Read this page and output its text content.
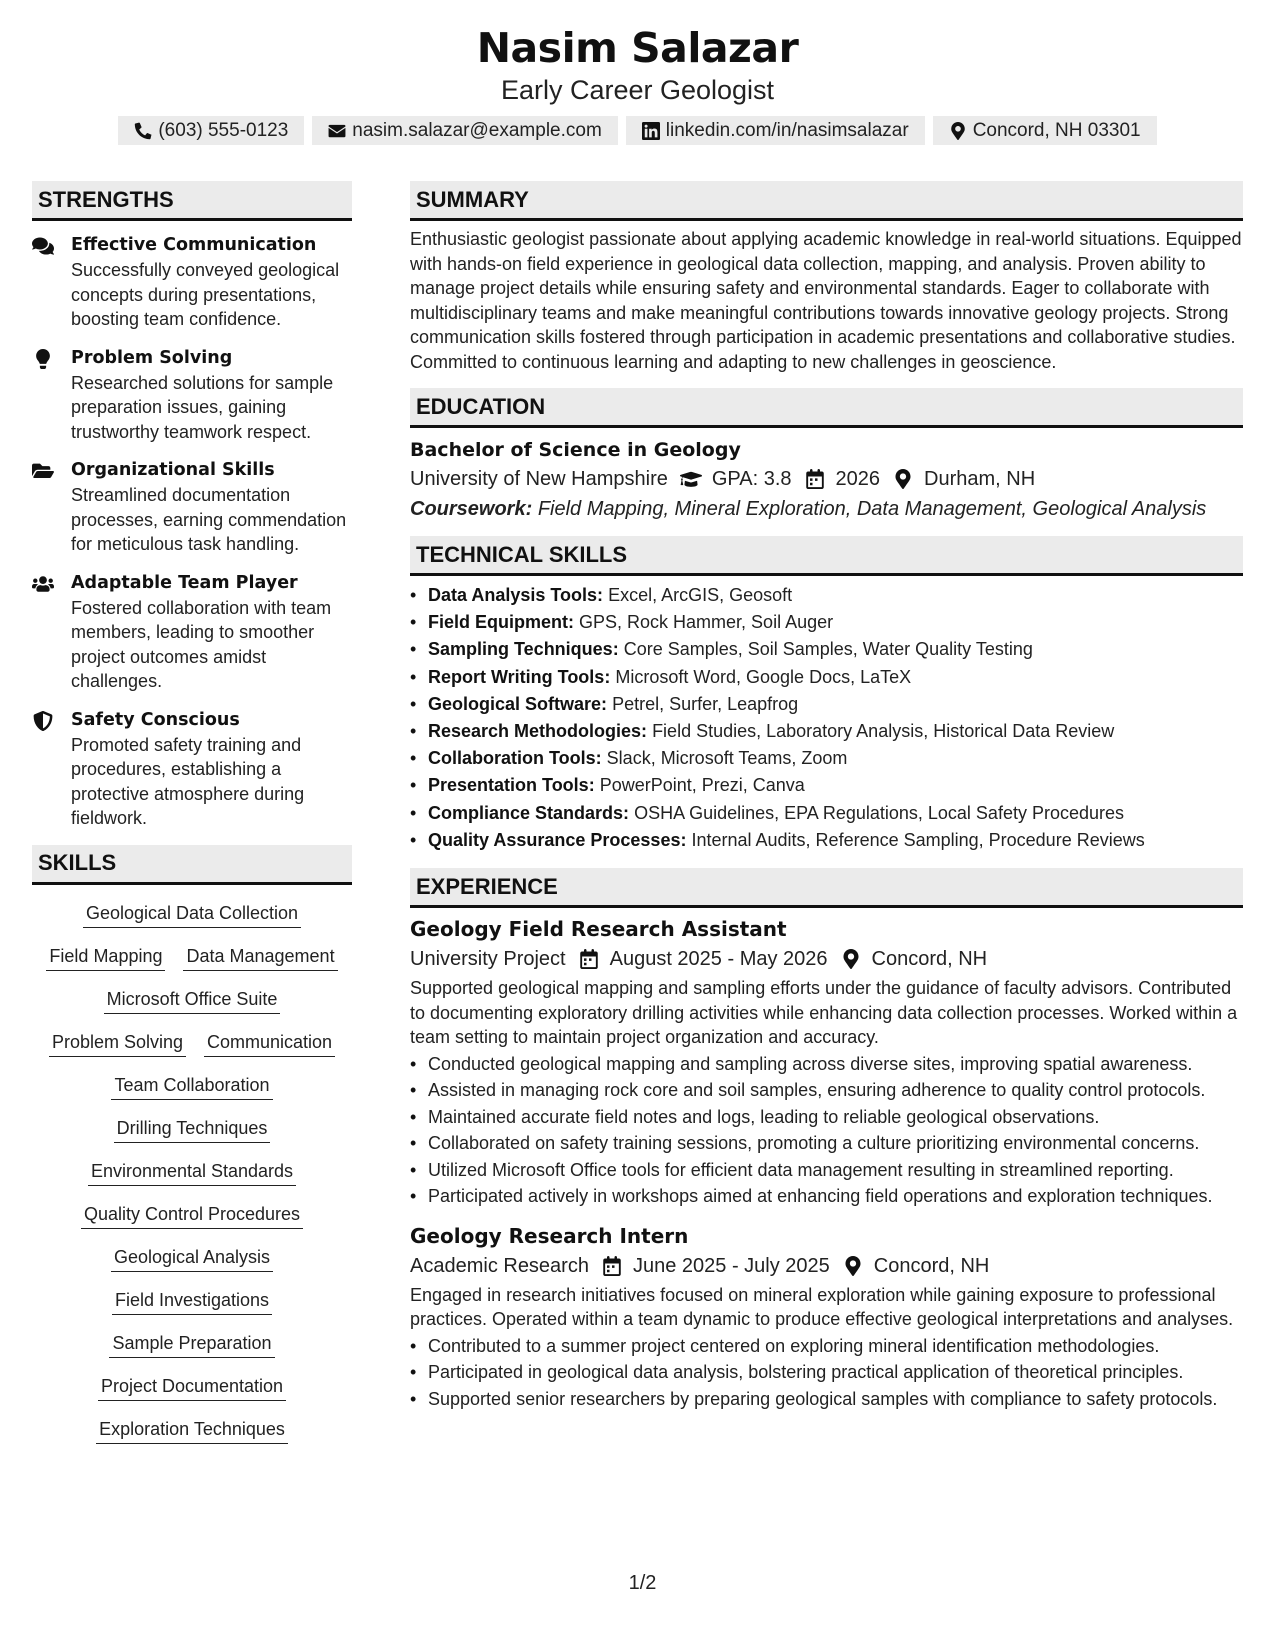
Nasim Salazar
Early Career Geologist
(603) 555-0123	nasim.salazar@example.com	linkedin.com/in/nasimsalazar	Concord, NH 03301
STRENGTHS
Effective Communication
Successfully conveyed geological concepts during presentations, boosting team confidence.
Problem Solving
Researched solutions for sample preparation issues, gaining trustworthy teamwork respect.
Organizational Skills
Streamlined documentation processes, earning commendation for meticulous task handling.
Adaptable Team Player
Fostered collaboration with team members, leading to smoother project outcomes amidst challenges.
Safety Conscious
Promoted safety training and procedures, establishing a protective atmosphere during fieldwork.
SKILLS
Geological Data Collection
Field Mapping Data Management
Microsoft Office Suite
Problem Solving Communication
Team Collaboration
Drilling Techniques
Environmental Standards
Quality Control Procedures
Geological Analysis
Field Investigations
Sample Preparation
Project Documentation
Exploration Techniques
SUMMARY
Enthusiastic geologist passionate about applying academic knowledge in real-world situations. Equipped with hands-on field experience in geological data collection, mapping, and analysis. Proven ability to manage project details while ensuring safety and environmental standards. Eager to collaborate with multidisciplinary teams and make meaningful contributions towards innovative geology projects. Strong communication skills fostered through participation in academic presentations and collaborative studies. Committed to continuous learning and adapting to new challenges in geoscience.
EDUCATION
Bachelor of Science in Geology
University of New Hampshire GPA: 3.8 2026 Durham, NH
Coursework: Field Mapping, Mineral Exploration, Data Management, Geological Analysis
TECHNICAL SKILLS
• Data Analysis Tools: Excel, ArcGIS, Geosoft
• Field Equipment: GPS, Rock Hammer, Soil Auger
• Sampling Techniques: Core Samples, Soil Samples, Water Quality Testing
• Report Writing Tools: Microsoft Word, Google Docs, LaTeX
• Geological Software: Petrel, Surfer, Leapfrog
• Research Methodologies: Field Studies, Laboratory Analysis, Historical Data Review
• Collaboration Tools: Slack, Microsoft Teams, Zoom
• Presentation Tools: PowerPoint, Prezi, Canva
• Compliance Standards: OSHA Guidelines, EPA Regulations, Local Safety Procedures
• Quality Assurance Processes: Internal Audits, Reference Sampling, Procedure Reviews
EXPERIENCE
Geology Field Research Assistant
University Project August 2025 - May 2026 Concord, NH
Supported geological mapping and sampling efforts under the guidance of faculty advisors. Contributed to documenting exploratory drilling activities while enhancing data collection processes. Worked within a team setting to maintain project organization and accuracy.
• Conducted geological mapping and sampling across diverse sites, improving spatial awareness.
• Assisted in managing rock core and soil samples, ensuring adherence to quality control protocols.
• Maintained accurate field notes and logs, leading to reliable geological observations.
• Collaborated on safety training sessions, promoting a culture prioritizing environmental concerns.
• Utilized Microsoft Office tools for efficient data management resulting in streamlined reporting.
• Participated actively in workshops aimed at enhancing field operations and exploration techniques.
Geology Research Intern
Academic Research June 2025 - July 2025 Concord, NH
Engaged in research initiatives focused on mineral exploration while gaining exposure to professional practices. Operated within a team dynamic to produce effective geological interpretations and analyses.
• Contributed to a summer project centered on exploring mineral identification methodologies.
• Participated in geological data analysis, bolstering practical application of theoretical principles.
• Supported senior researchers by preparing geological samples with compliance to safety protocols.
1/2
